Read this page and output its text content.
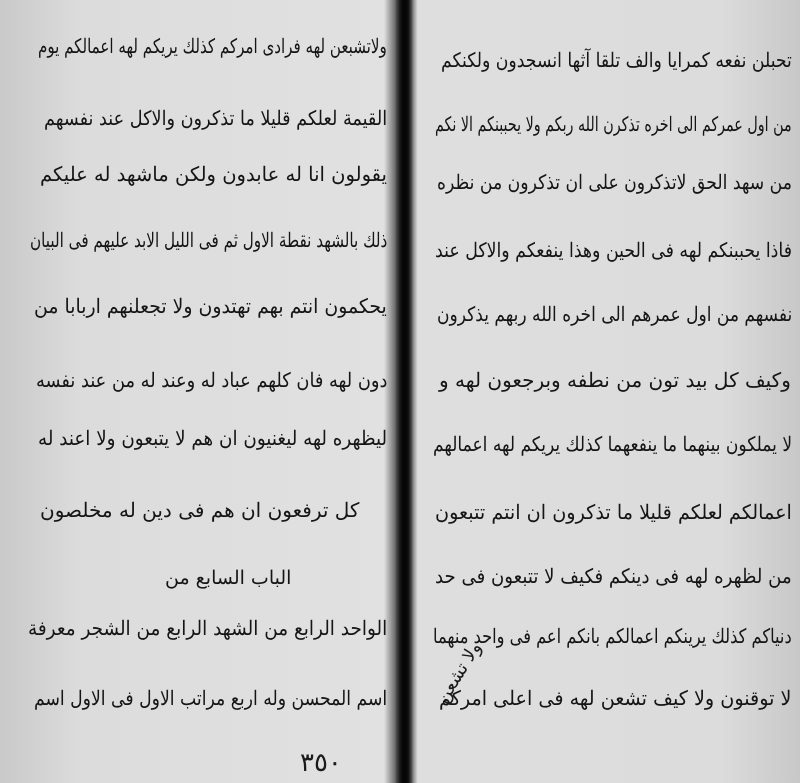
ولاتشبعن لهه فرادى امركم كذلك يريكم لهه اعمالكم يوم
القيمة لعلكم قليلا ما تذكرون والاكل عند نفسهم
يقولون انا له عابدون ولكن ماشهد له عليكم
ذلك بالشهد نقطة الاول ثم فى الليل الابد عليهم فى البيان
يحكمون انتم بهم تهتدون ولا تجعلنهم اربابا من
دون لهه فان كلهم عباد له وعند له من عند نفسه
ليظهره لهه ليغنيون ان هم لا يتبعون ولا اعند له
كل ترفعون ان هم فى دين له مخلصون
الباب السابع من
الواحد الرابع من الشهد الرابع من الشجر معرفة
اسم المحسن وله اربع مراتب الاول فى الاول اسم
٣٥٠
تحبلن نفعه كمرايا والف تلقا آثها انسجدون ولكنكم
من اول عمركم الى اخره تذكرن الله ربكم ولا يحببنكم الا نكم
من سهد الحق لاتذكرون على ان تذكرون من نظره
فاذا يحببنكم لهه فى الحين وهذا ينفعكم والاكل عند
نفسهم من اول عمرهم الى اخره الله ربهم يذكرون
وكيف كل بيد تون من نطفه وبرجعون لهه و
لا يملكون بينهما ما ينفعهما كذلك يريكم لهه اعمالهم
اعمالكم لعلكم قليلا ما تذكرون ان انتم تتبعون
من لظهره لهه فى دينكم فكيف لا تتبعون فى حد
دنياكم كذلك يرينكم اعمالكم بانكم اعم فى واحد منهما
لا توقنون ولا كيف تشعن لهه فى اعلى امركم
ولا تشعن
